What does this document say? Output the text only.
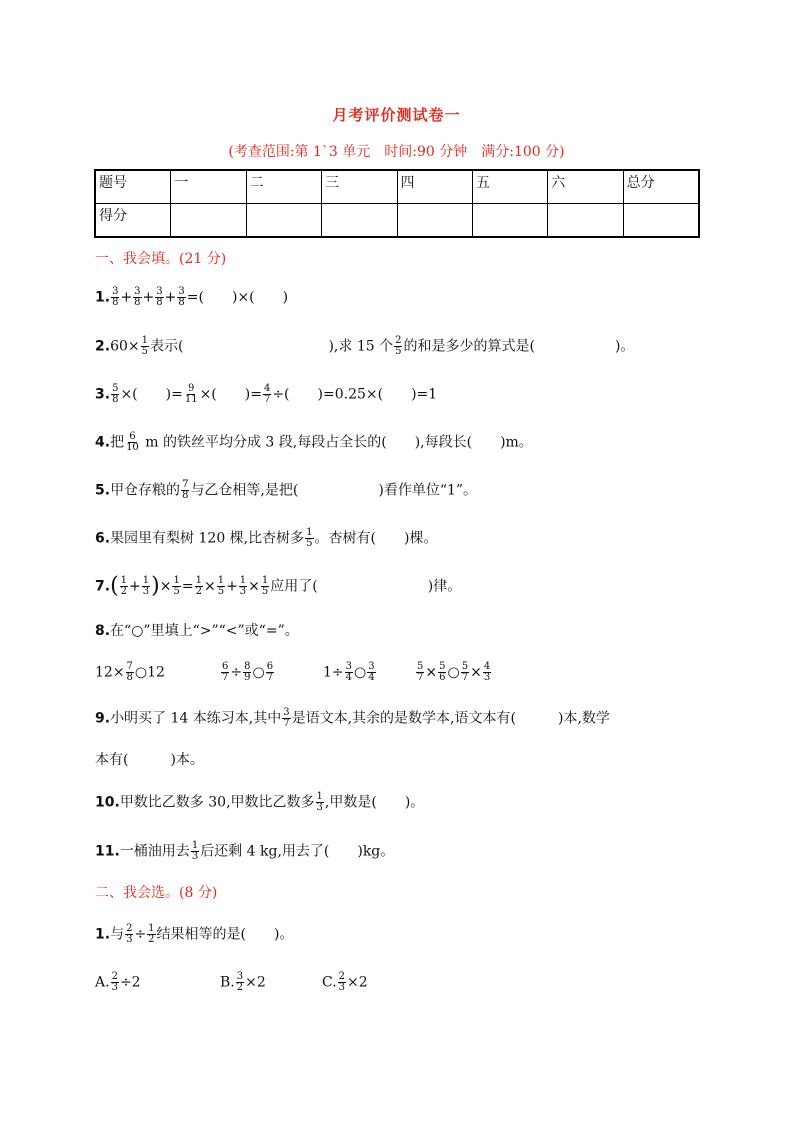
月考评价测试卷一
(考查范围:第 1`3 单元　时间:90 分钟　满分:100 分)
题号	一	二	三	四	五	六	总分
得分							
一、我会填。(21 分)
1. $\frac{3}{8} + \frac{3}{8} + \frac{3}{8} + \frac{3}{8}$ =(　　)×(　　)
$2.60\times \frac{1}{5}$ 表示(	),求 15 个 $\frac{2}{5}$ 的和是多少的算式是(	)。
3. $\frac{5}{8}$ ×(　　)= $\frac{9}{11}$ ×(　　)= $\frac{4}{7}$ ÷(　　)=0.25×(　　)=1
4.把 $\frac{6}{10}$ m 的铁丝平均分成 3 段,每段占全长的(　　),每段长(　　)m。
5.甲仓存粮的 $\frac{7}{8}$ 与乙仓相等,是把(	)看作单位“1”。
6.果园里有梨树 120 棵,比杏树多 $\frac{1}{5}$ 。杏树有(　　)棵。
$7.( \frac{1}{2} + \frac{1}{3}$ )× $\frac{1}{5} = \frac{1}{2} \times \frac{1}{5} + \frac{1}{3} \times \frac{1}{5}$ 应用了(	)律。
8.在“○”里填上“>”“<”或“=”。
$12\times \frac{7}{8}$ ○12	$\frac{6}{7} \div \frac{8}{9}$ ○ $\frac{6}{7}$	$1\div \frac{3}{4}$ ○ $\frac{3}{4}$	$\frac{5}{7} \times \frac{5}{6}$ ○ $\frac{5}{7} \times \frac{4}{3}$
9.小明买了 14 本练习本,其中 $\frac{3}{7}$ 是语文本,其余的是数学本,语文本有(	)本,数学
本有(　　　)本。
10.甲数比乙数多 30,甲数比乙数多 $\frac{1}{3}$ ,甲数是(　　)。
11.一桶油用去 $\frac{1}{3}$ 后还剩 4 kg,用去了(　　)kg。
二、我会选。(8 分)
1.与 $\frac{2}{3} \div \frac{1}{2}$ 结果相等的是(　　)。
A. $\frac{2}{3} \div 2$	B. $\frac{3}{2} \times 2$	C. $\frac{2}{3} \times 2$
